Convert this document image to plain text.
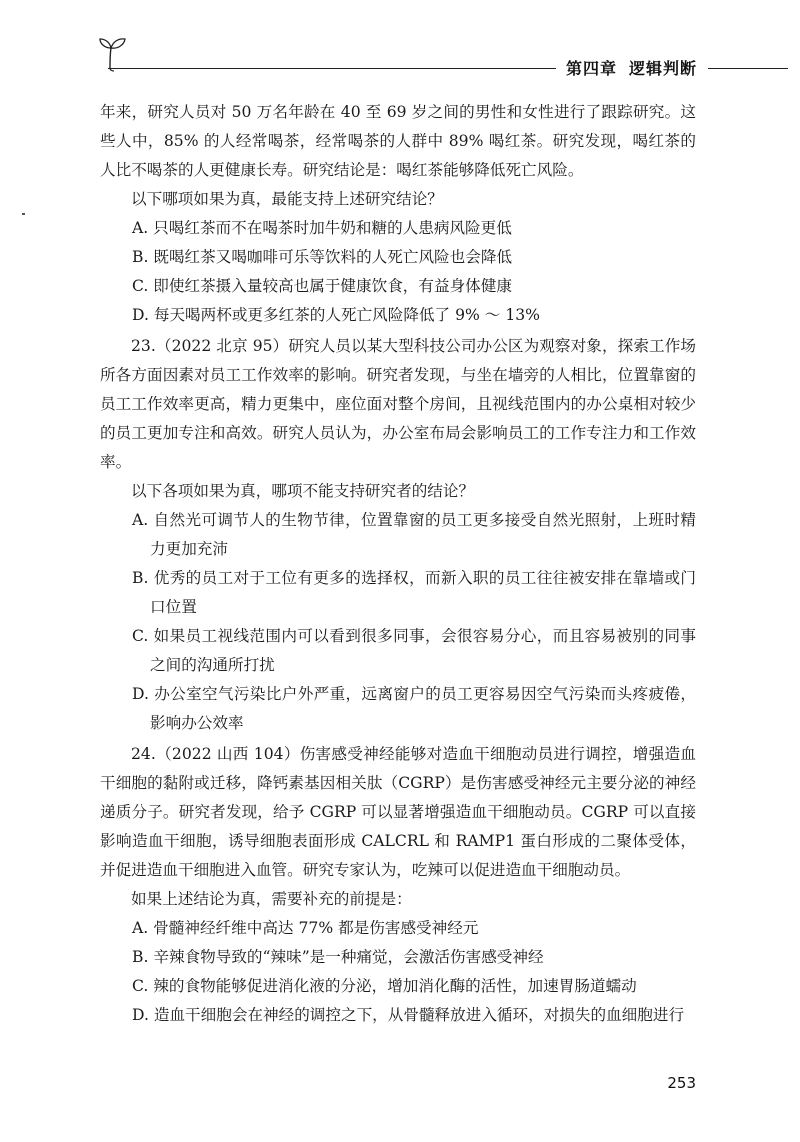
第四章 逻辑判断

年来，研究人员对 50 万名年龄在 40 至 69 岁之间的男性和女性进行了跟踪研究。这些人中，85% 的人经常喝茶，经常喝茶的人群中 89% 喝红茶。研究发现，喝红茶的人比不喝茶的人更健康长寿。研究结论是：喝红茶能够降低死亡风险。

以下哪项如果为真，最能支持上述研究结论？

A. 只喝红茶而不在喝茶时加牛奶和糖的人患病风险更低

B. 既喝红茶又喝咖啡可乐等饮料的人死亡风险也会降低

C. 即使红茶摄入量较高也属于健康饮食，有益身体健康

D. 每天喝两杯或更多红茶的人死亡风险降低了 9% ～ 13%

23.（2022 北京 95）研究人员以某大型科技公司办公区为观察对象，探索工作场所各方面因素对员工工作效率的影响。研究者发现，与坐在墙旁的人相比，位置靠窗的员工工作效率更高，精力更集中，座位面对整个房间，且视线范围内的办公桌相对较少的员工更加专注和高效。研究人员认为，办公室布局会影响员工的工作专注力和工作效率。

以下各项如果为真，哪项不能支持研究者的结论？

A. 自然光可调节人的生物节律，位置靠窗的员工更多接受自然光照射，上班时精力更加充沛

B. 优秀的员工对于工位有更多的选择权，而新入职的员工往往被安排在靠墙或门口位置

C. 如果员工视线范围内可以看到很多同事，会很容易分心，而且容易被别的同事之间的沟通所打扰

D. 办公室空气污染比户外严重，远离窗户的员工更容易因空气污染而头疼疲倦，影响办公效率

24.（2022 山西 104）伤害感受神经能够对造血干细胞动员进行调控，增强造血干细胞的黏附或迁移，降钙素基因相关肽（CGRP）是伤害感受神经元主要分泌的神经递质分子。研究者发现，给予 CGRP 可以显著增强造血干细胞动员。CGRP 可以直接影响造血干细胞，诱导细胞表面形成 CALCRL 和 RAMP1 蛋白形成的二聚体受体，并促进造血干细胞进入血管。研究专家认为，吃辣可以促进造血干细胞动员。

如果上述结论为真，需要补充的前提是：

A. 骨髓神经纤维中高达 77% 都是伤害感受神经元

B. 辛辣食物导致的“辣味”是一种痛觉，会激活伤害感受神经

C. 辣的食物能够促进消化液的分泌，增加消化酶的活性，加速胃肠道蠕动

D. 造血干细胞会在神经的调控之下，从骨髓释放进入循环，对损失的血细胞进行

253
